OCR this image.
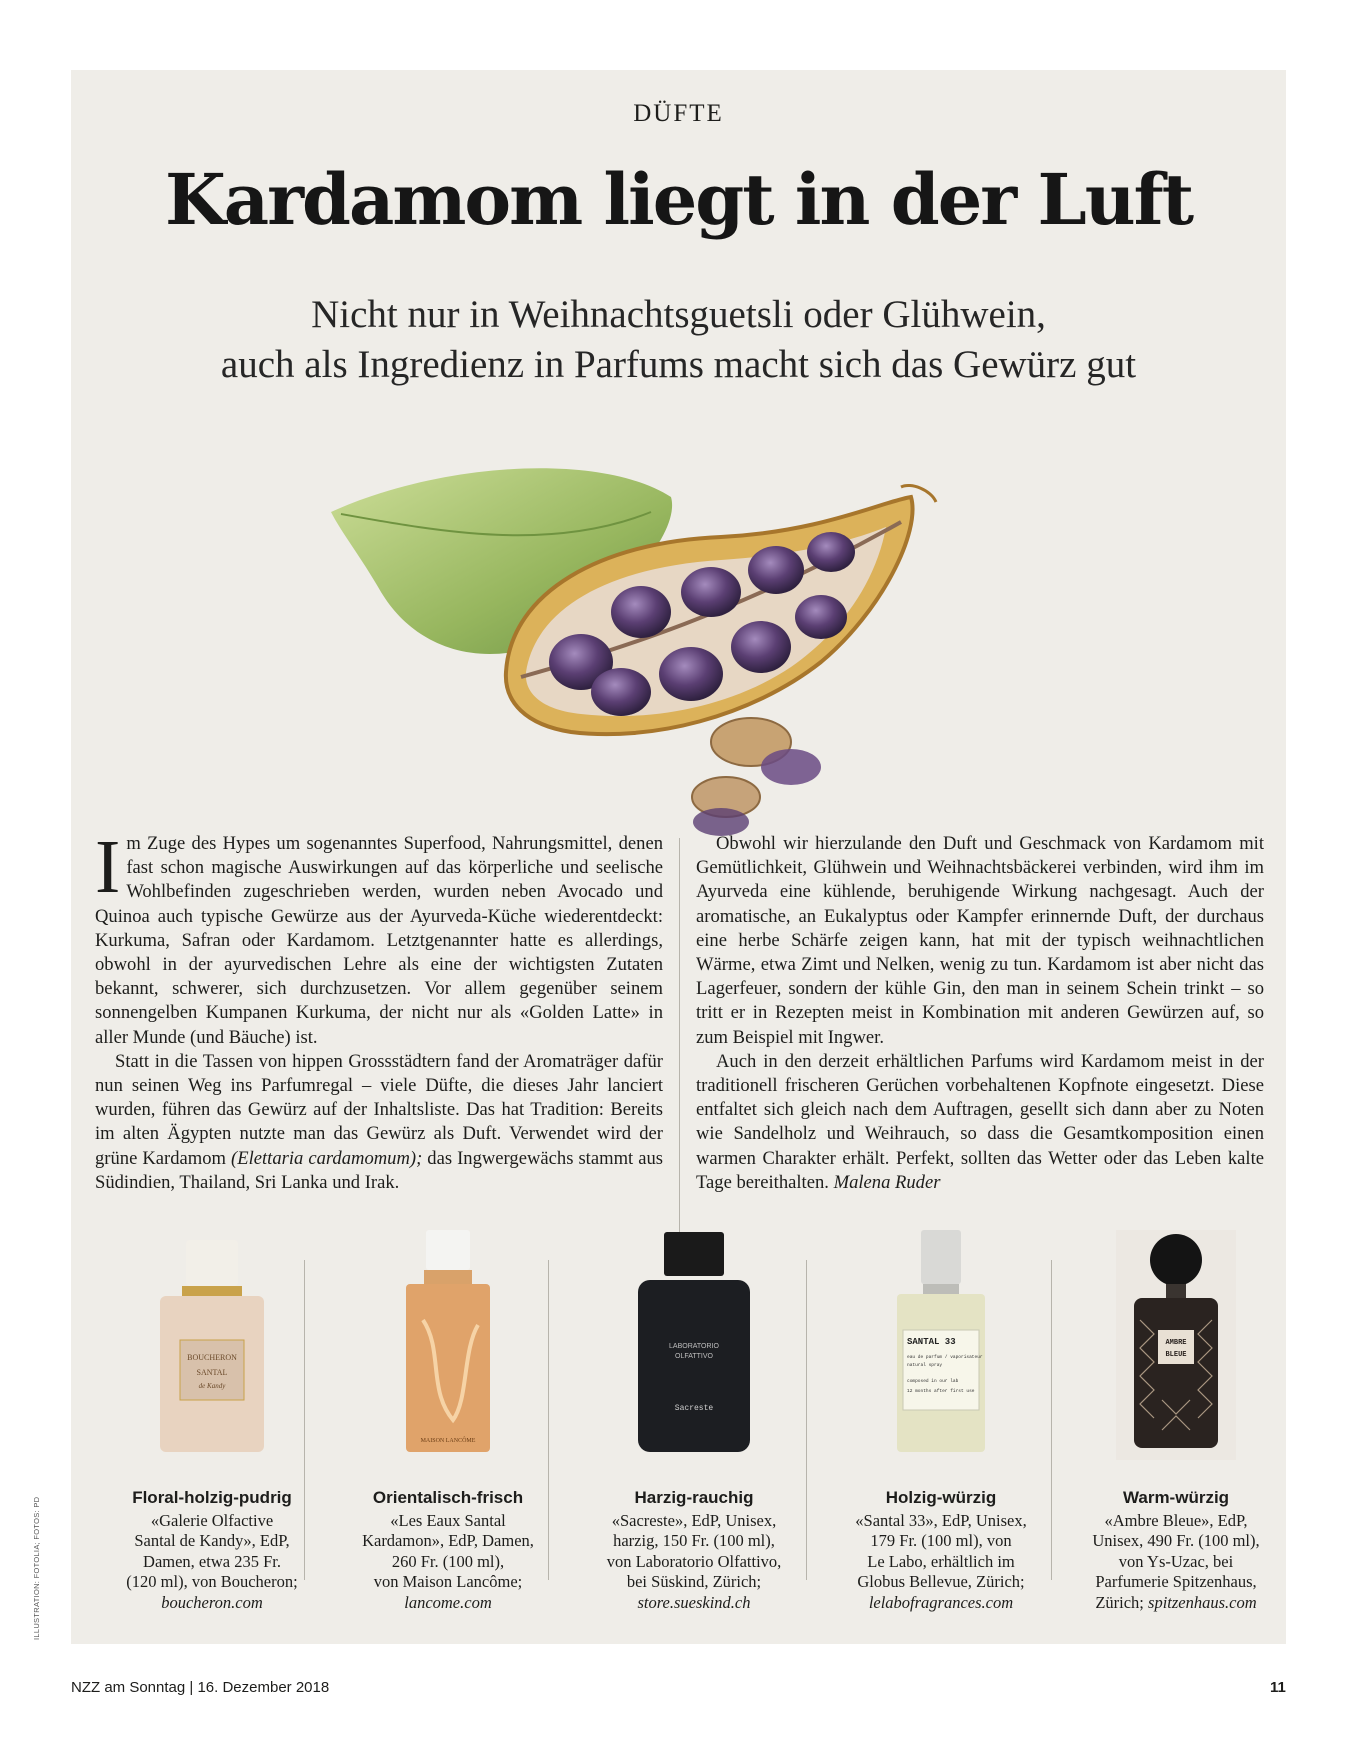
DÜFTE
Kardamom liegt in der Luft
Nicht nur in Weihnachtsguetsli oder Glühwein,
auch als Ingredienz in Parfums macht sich das Gewürz gut

Im Zuge des Hypes um sogenanntes Superfood, Nahrungsmittel, denen fast schon magische Auswirkungen auf das körperliche und seelische Wohlbefinden zugeschrieben werden, wurden neben Avocado und Quinoa auch typische Gewürze aus der Ayurveda-Küche wiederentdeckt: Kurkuma, Safran oder Kardamom. Letztgenannter hatte es allerdings, obwohl in der ayurvedischen Lehre als eine der wichtigsten Zutaten bekannt, schwerer, sich durchzusetzen. Vor allem gegenüber seinem sonnengelben Kumpanen Kurkuma, der nicht nur als «Golden Latte» in aller Munde (und Bäuche) ist.

Statt in die Tassen von hippen Grossstädtern fand der Aromaträger dafür nun seinen Weg ins Parfumregal – viele Düfte, die dieses Jahr lanciert wurden, führen das Gewürz auf der Inhaltsliste. Das hat Tradition: Bereits im alten Ägypten nutzte man das Gewürz als Duft. Verwendet wird der grüne Kardamom (Elettaria cardamomum); das Ingwergewächs stammt aus Südindien, Thailand, Sri Lanka und Irak.

Obwohl wir hierzulande den Duft und Geschmack von Kardamom mit Gemütlichkeit, Glühwein und Weihnachtsbäckerei verbinden, wird ihm im Ayurveda eine kühlende, beruhigende Wirkung nachgesagt. Auch der aromatische, an Eukalyptus oder Kampfer erinnernde Duft, der durchaus eine herbe Schärfe zeigen kann, hat mit der typisch weihnachtlichen Wärme, etwa Zimt und Nelken, wenig zu tun. Kardamom ist aber nicht das Lagerfeuer, sondern der kühle Gin, den man in seinem Schein trinkt – so tritt er in Rezepten meist in Kombination mit anderen Gewürzen auf, so zum Beispiel mit Ingwer.

Auch in den derzeit erhältlichen Parfums wird Kardamom meist in der traditionell frischeren Gerüchen vorbehaltenen Kopfnote eingesetzt. Diese entfaltet sich gleich nach dem Auftragen, gesellt sich dann aber zu Noten wie Sandelholz und Weihrauch, so dass die Gesamtkomposition einen warmen Charakter erhält. Perfekt, sollten das Wetter oder das Leben kalte Tage bereithalten. Malena Ruder

BOUCHERON
SANTAL
de Kandy
Floral-holzig-pudrig
«Galerie Olfactive
Santal de Kandy», EdP,
Damen, etwa 235 Fr.
(120 ml), von Boucheron;
boucheron.com
MAISON LANCÔME
Orientalisch-frisch
«Les Eaux Santal
Kardamon», EdP, Damen,
260 Fr. (100 ml),
von Maison Lancôme;
lancome.com
LABORATORIO
OLFATTIVO
Sacreste
Harzig-rauchig
«Sacreste», EdP, Unisex,
harzig, 150 Fr. (100 ml),
von Laboratorio Olfattivo,
bei Süskind, Zürich;
store.sueskind.ch
SANTAL 33
eau de parfum / vaporisateur
natural spray
composed in our lab
12 months after first use
Holzig-würzig
«Santal 33», EdP, Unisex,
179 Fr. (100 ml), von
Le Labo, erhältlich im
Globus Bellevue, Zürich;
lelabofragrances.com
AMBRE
BLEUE
Warm-würzig
«Ambre Bleue», EdP,
Unisex, 490 Fr. (100 ml),
von Ys-Uzac, bei
Parfumerie Spitzenhaus,
Zürich; spitzenhaus.com
ILLUSTRATION: FOTOLIA; FOTOS: PD
NZZ am Sonntag | 16. Dezember 2018	11
